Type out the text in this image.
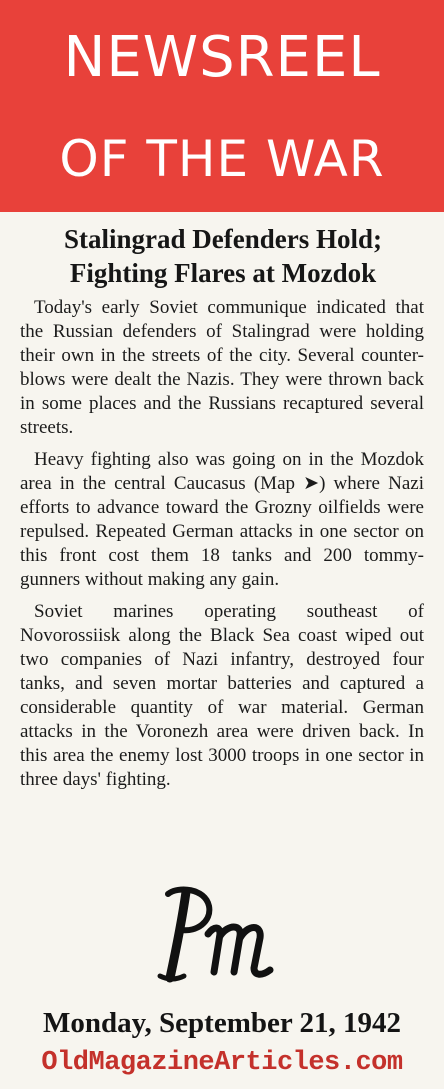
NEWSREEL
OF THE WAR
Stalingrad Defenders Hold;
Fighting Flares at Mozdok

Today's early Soviet communique indicated that the Russian defenders of Stalingrad were holding their own in the streets of the city. Several counter-blows were dealt the Nazis. They were thrown back in some places and the Russians recaptured several streets.

Heavy fighting also was going on in the Mozdok area in the central Caucasus (Map ➤) where Nazi efforts to advance toward the Grozny oilfields were repulsed. Repeated German attacks in one sector on this front cost them 18 tanks and 200 tommy-gunners without making any gain.

Soviet marines operating southeast of Novorossiisk along the Black Sea coast wiped out two companies of Nazi infantry, destroyed four tanks, and seven mortar batteries and captured a considerable quantity of war material. German attacks in the Voronezh area were driven back. In this area the enemy lost 3000 troops in one sector in three days' fighting.

PM
Monday, September 21, 1942
OldMagazineArticles.com
